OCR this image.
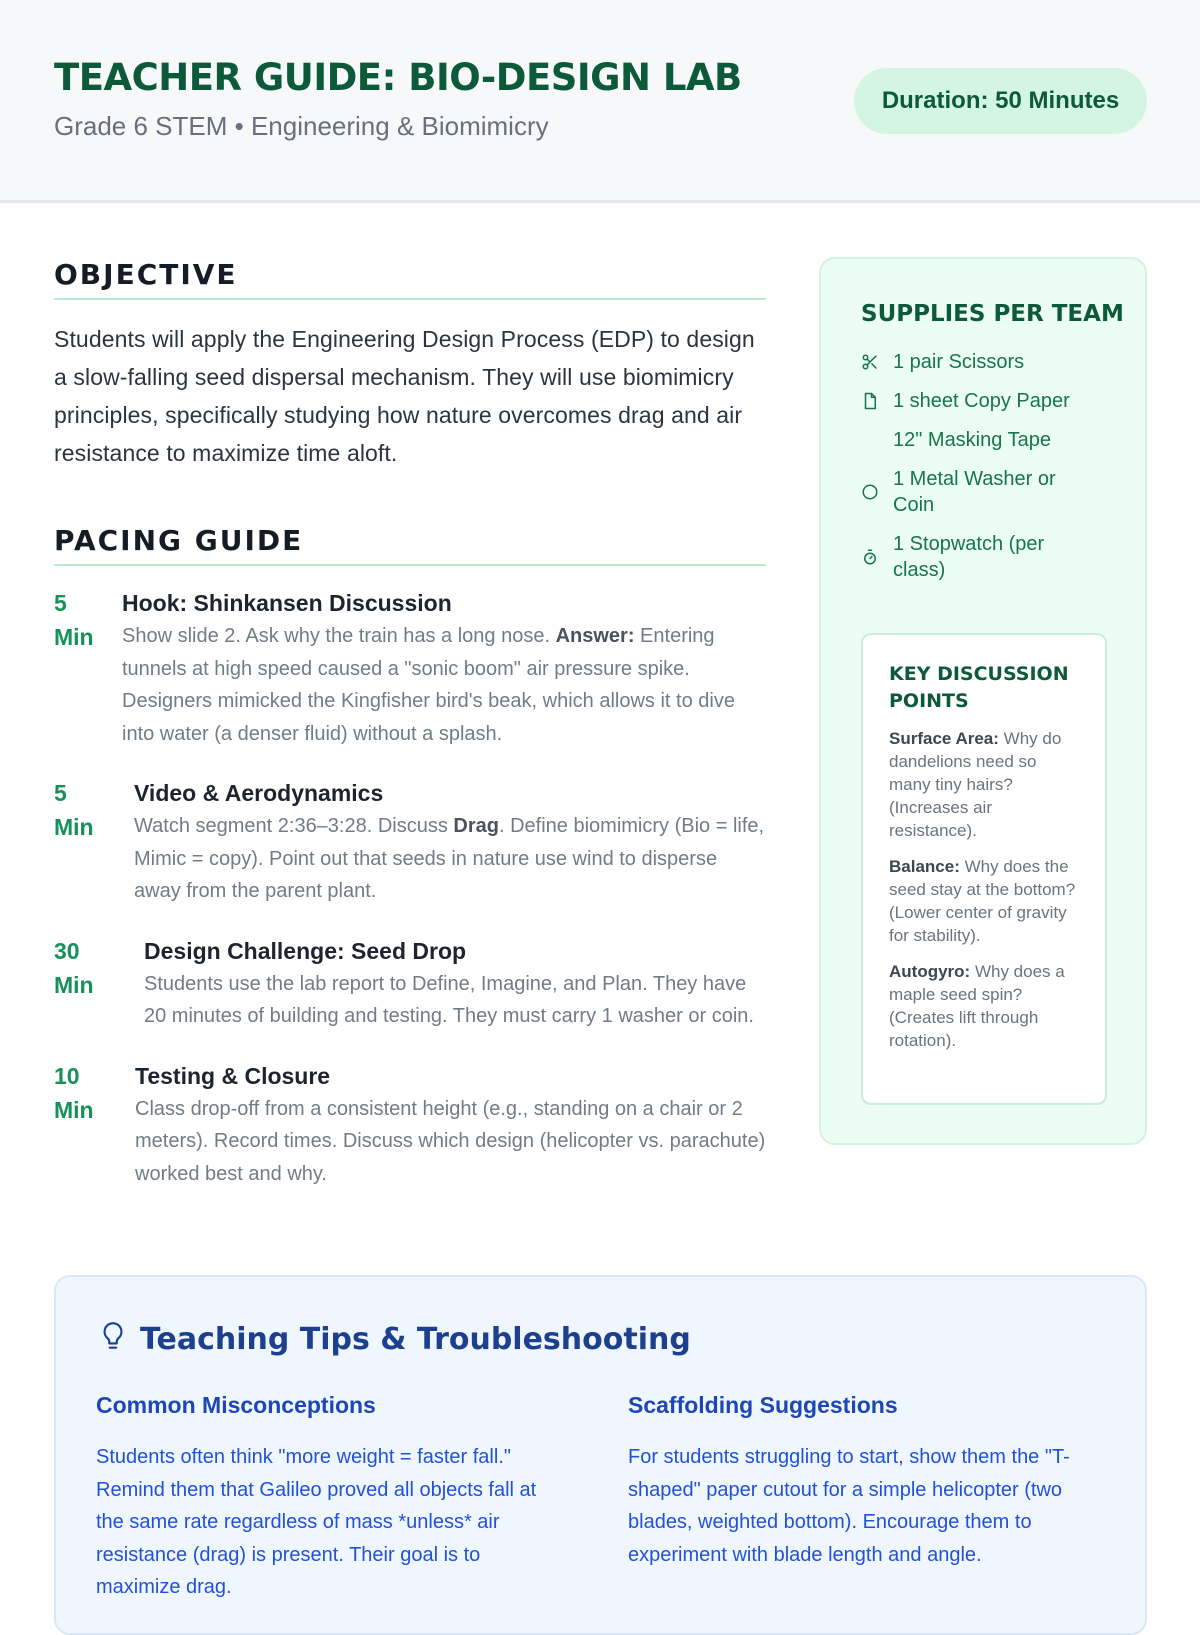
TEACHER GUIDE: BIO-DESIGN LAB
Grade 6 STEM • Engineering & Biomimicry
Duration: 50 Minutes
OBJECTIVE

Students will apply the Engineering Design Process (EDP) to design a slow-falling seed dispersal mechanism. They will use biomimicry principles, specifically studying how nature overcomes drag and air resistance to maximize time aloft.

PACING GUIDE
5
Min
Hook: Shinkansen Discussion
Show slide 2. Ask why the train has a long nose. Answer: Entering tunnels at high speed caused a "sonic boom" air pressure spike. Designers mimicked the Kingfisher bird's beak, which allows it to dive into water (a denser fluid) without a splash.
5
Min
Video & Aerodynamics
Watch segment 2:36–3:28. Discuss Drag. Define biomimicry (Bio = life, Mimic = copy). Point out that seeds in nature use wind to disperse away from the parent plant.
30
Min
Design Challenge: Seed Drop
Students use the lab report to Define, Imagine, and Plan. They have 20 minutes of building and testing. They must carry 1 washer or coin.
10
Min
Testing & Closure
Class drop-off from a consistent height (e.g., standing on a chair or 2 meters). Record times. Discuss which design (helicopter vs. parachute) worked best and why.
SUPPLIES PER TEAM
1 pair Scissors
1 sheet Copy Paper
12" Masking Tape
1 Metal Washer or Coin
1 Stopwatch (per class)
KEY DISCUSSION POINTS

Surface Area: Why do dandelions need so many tiny hairs? (Increases air resistance).

Balance: Why does the seed stay at the bottom? (Lower center of gravity for stability).

Autogyro: Why does a maple seed spin? (Creates lift through rotation).

Teaching Tips & Troubleshooting
Common Misconceptions

Students often think "more weight = faster fall." Remind them that Galileo proved all objects fall at the same rate regardless of mass *unless* air resistance (drag) is present. Their goal is to maximize drag.

Scaffolding Suggestions

For students struggling to start, show them the "T-shaped" paper cutout for a simple helicopter (two blades, weighted bottom). Encourage them to experiment with blade length and angle.
